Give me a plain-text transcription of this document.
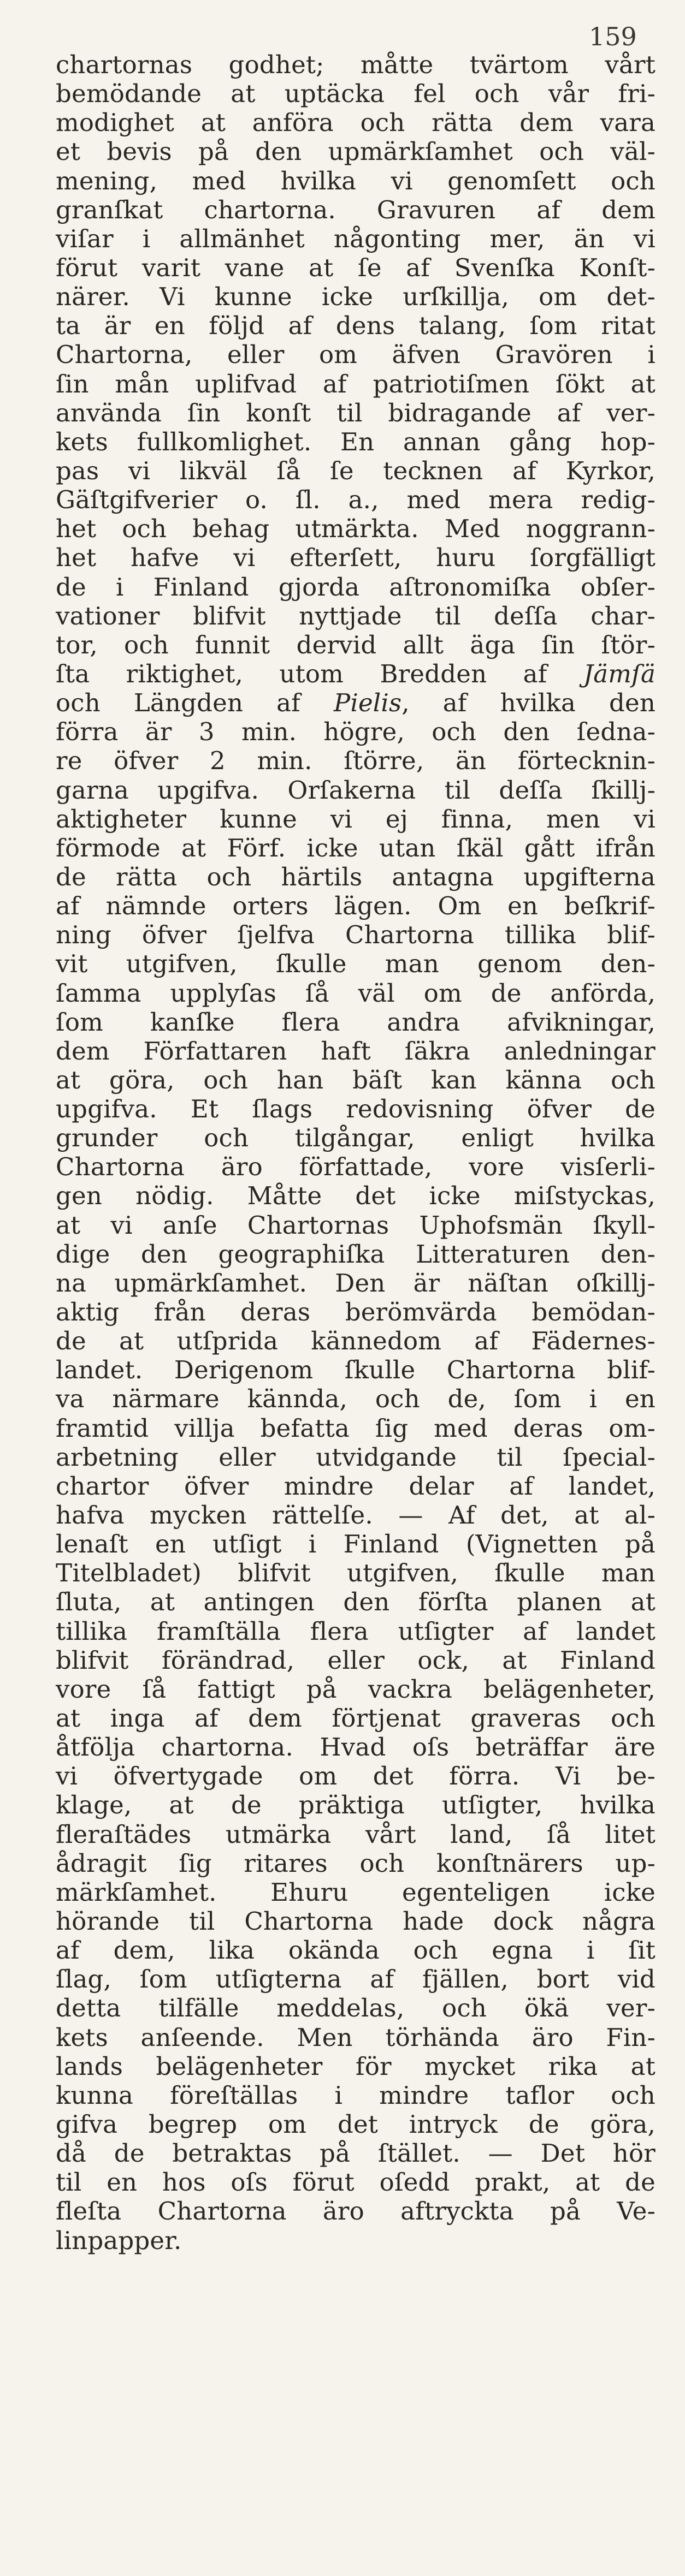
159
chartornas godhet; måtte tvärtom vårt
bemödande at uptäcka fel och vår fri-
modighet at anföra och rätta dem vara
et bevis på den upmärkſamhet och väl-
mening, med hvilka vi genomſett och
granſkat chartorna. Gravuren af dem
viſar i allmänhet någonting mer, än vi
förut varit vane at ſe af Svenſka Konſt-
närer. Vi kunne icke urſkillja, om det-
ta är en följd af dens talang, ſom ritat
Chartorna, eller om äfven Gravören i
ſin mån uplifvad af patriotiſmen ſökt at
använda ſin konſt til bidragande af ver-
kets fullkomlighet. En annan gång hop-
pas vi likväl ſå ſe tecknen af Kyrkor,
Gäſtgifverier o. ſl. a., med mera redig-
het och behag utmärkta. Med noggrann-
het hafve vi efterſett, huru ſorgfälligt
de i Finland gjorda aſtronomiſka obſer-
vationer blifvit nyttjade til deſſa char-
tor, och funnit dervid allt äga ſin ſtör-
ſta riktighet, utom Bredden af Jämſä
och Längden af Pielis, af hvilka den
förra är 3 min. högre, och den ſedna-
re öfver 2 min. ſtörre, än förtecknin-
garna upgifva. Orſakerna til deſſa ſkillj-
aktigheter kunne vi ej finna, men vi
förmode at Förf. icke utan ſkäl gått ifrån
de rätta och härtils antagna upgifterna
af nämnde orters lägen. Om en beſkrif-
ning öfver ſjelfva Chartorna tillika blif-
vit utgifven, ſkulle man genom den-
ſamma upplyſas ſå väl om de anförda,
ſom kanſke flera andra afvikningar,
dem Författaren haft ſäkra anledningar
at göra, och han bäſt kan känna och
upgifva. Et ſlags redovisning öfver de
grunder och tilgångar, enligt hvilka
Chartorna äro författade, vore visſerli-
gen nödig. Måtte det icke miſstyckas,
at vi anſe Chartornas Uphofsmän ſkyll-
dige den geographiſka Litteraturen den-
na upmärkſamhet. Den är näſtan oſkillj-
aktig från deras berömvärda bemödan-
de at utſprida kännedom af Fädernes-
landet. Derigenom ſkulle Chartorna blif-
va närmare kännda, och de, ſom i en
framtid villja befatta ſig med deras om-
arbetning eller utvidgande til ſpecial-
chartor öfver mindre delar af landet,
hafva mycken rättelſe. — Af det, at al-
lenaſt en utſigt i Finland (Vignetten på
Titelbladet) blifvit utgifven, ſkulle man
ſluta, at antingen den förſta planen at
tillika framſtälla flera utſigter af landet
blifvit förändrad, eller ock, at Finland
vore ſå fattigt på vackra belägenheter,
at inga af dem förtjenat graveras och
åtfölja chartorna. Hvad oſs beträffar äre
vi öfvertygade om det förra. Vi be-
klage, at de präktiga utſigter, hvilka
fleraſtädes utmärka vårt land, ſå litet
ådragit ſig ritares och konſtnärers up-
märkſamhet. Ehuru egenteligen icke
hörande til Chartorna hade dock några
af dem, lika okända och egna i ſit
ſlag, ſom utſigterna af fjällen, bort vid
detta tilfälle meddelas, och ökä ver-
kets anſeende. Men törhända äro Fin-
lands belägenheter för mycket rika at
kunna föreſtällas i mindre taflor och
gifva begrep om det intryck de göra,
då de betraktas på ſtället. — Det hör
til en hos oſs förut oſedd prakt, at de
fleſta Chartorna äro aftryckta på Ve-
linpapper.
